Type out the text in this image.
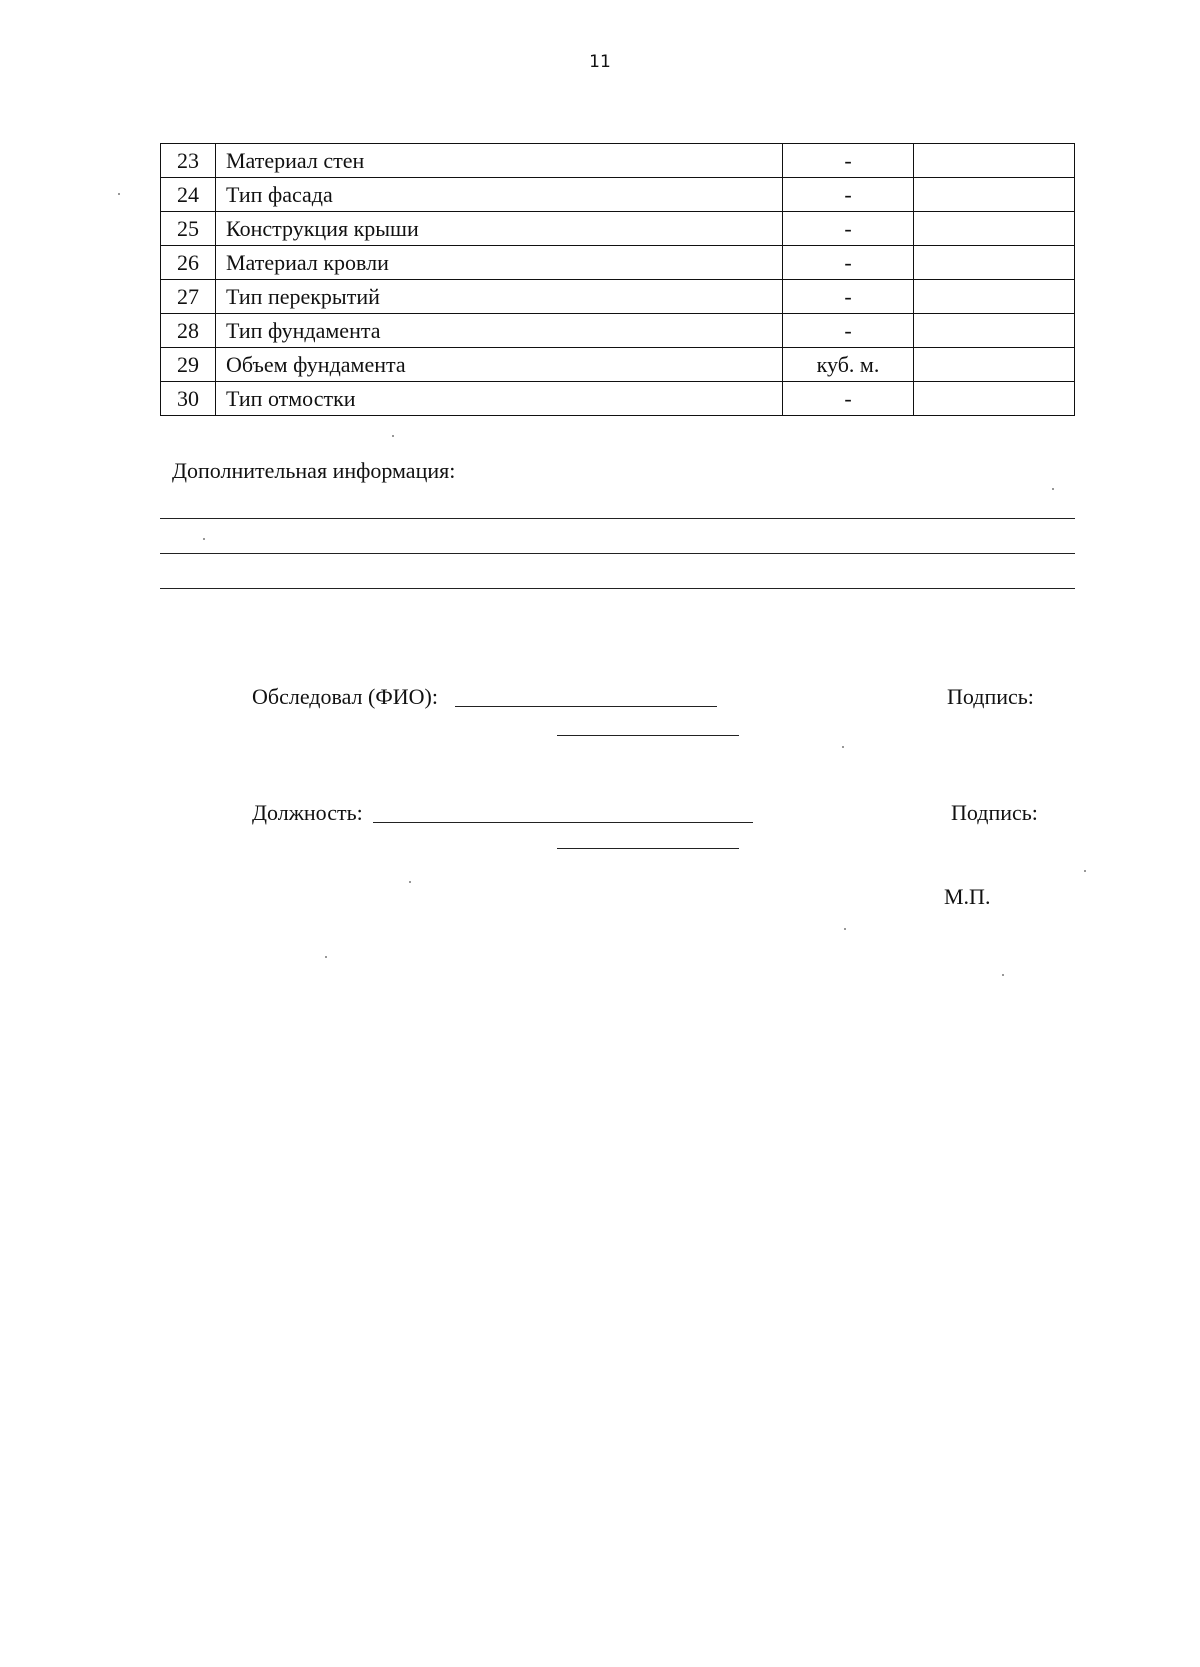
11
23	Материал стен	-	
24	Тип фасада	-	
25	Конструкция крыши	-	
26	Материал кровли	-	
27	Тип перекрытий	-	
28	Тип фундамента	-	
29	Объем фундамента	куб. м.	
30	Тип отмостки	-	
Дополнительная информация:
Обследовал (ФИО):	Подпись:
Должность:	Подпись:
М.П.
